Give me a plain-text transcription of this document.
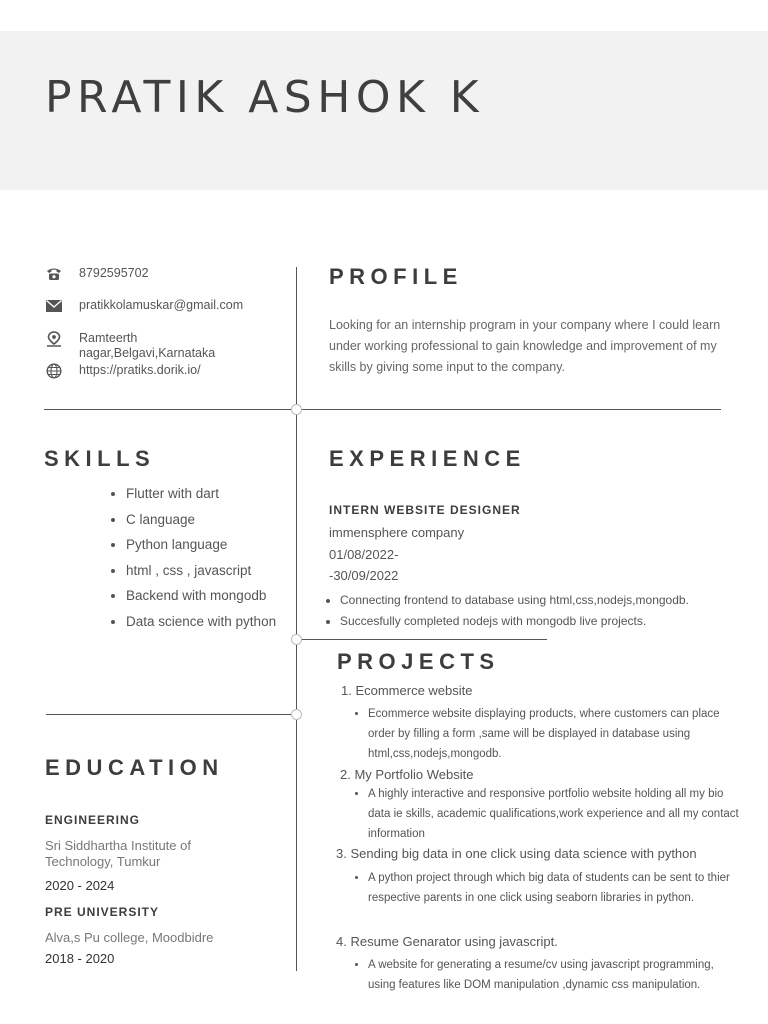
PRATIK ASHOK K
8792595702
pratikkolamuskar@gmail.com
Ramteerth nagar,Belgavi,Karnataka
https://pratiks.dorik.io/
PROFILE

Looking for an internship program in your company where I could learn under working professional to gain knowledge and improvement of my skills by giving some input to the company.

SKILLS
• Flutter with dart
• C language
• Python language
• html , css , javascript
• Backend with mongodb
• Data science with python
EXPERIENCE
INTERN WEBSITE DESIGNER
immensphere company
01/08/2022-
-30/09/2022
• Connecting frontend to database using html,css,nodejs,mongodb.
• Succesfully completed nodejs with mongodb live projects.
PROJECTS
1. Ecommerce website
• Ecommerce website displaying products, where customers can place order by filling a form ,same will be displayed in database using html,css,nodejs,mongodb.
2. My Portfolio Website
• A highly interactive and responsive portfolio website holding all my bio data ie skills, academic qualifications,work experience and all my contact information
3. Sending big data in one click using data science with python
• A python project through which big data of students can be sent to thier respective parents in one click using seaborn libraries in python.
4. Resume Genarator using javascript.
• A website for generating a resume/cv using javascript programming, using features like DOM manipulation ,dynamic css manipulation.
EDUCATION
ENGINEERING
Sri Siddhartha Institute of Technology, Tumkur
2020 - 2024
PRE UNIVERSITY
Alva,s Pu college, Moodbidre
2018 - 2020
